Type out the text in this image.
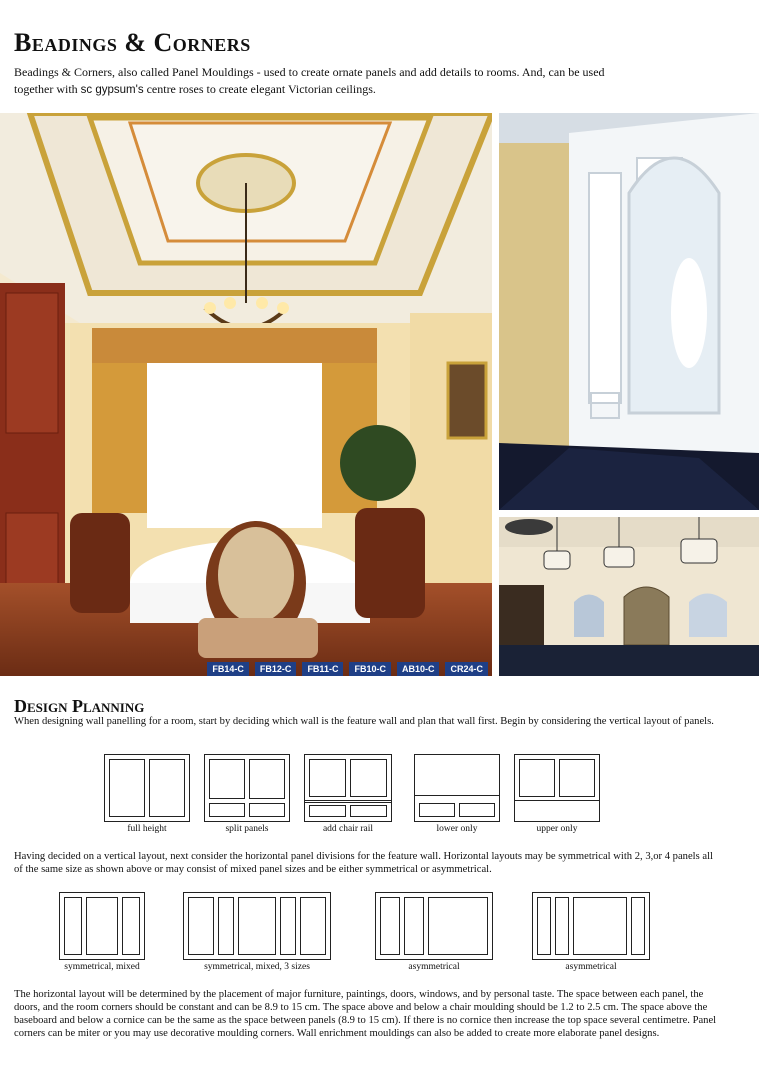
Beadings & Corners
Beadings & Corners, also called Panel Mouldings - used to create ornate panels and add details to rooms. And, can be used
together with sc gypsum's centre roses to create elegant Victorian ceilings.
FB14-C	FB12-C	FB11-C	FB10-C	AB10-C	CR24-C
Design Planning
When designing wall panelling for a room, start by deciding which wall is the feature wall and plan that wall first. Begin by considering the vertical layout of panels.
full height	split panels	add chair rail	lower only	upper only
Having decided on a vertical layout, next consider the horizontal panel divisions for the feature wall. Horizontal layouts may be symmetrical with 2, 3,or 4 panels all of the same size as shown above or may consist of mixed panel sizes and be either symmetrical or asymmetrical.
symmetrical, mixed	symmetrical, mixed, 3 sizes	asymmetrical	asymmetrical
The horizontal layout will be determined by the placement of major furniture, paintings, doors, windows, and by personal taste. The space between each panel, the doors, and the room corners should be constant and can be 8.9 to 15 cm. The space above and below a chair moulding should be 1.2 to 2.5 cm. The space above the baseboard and below a cornice can be the same as the space between panels (8.9 to 15 cm). If there is no cornice then increase the top space several centimetre. Panel corners can be miter or you may use decorative moulding corners. Wall enrichment mouldings can also be added to create more elaborate panel designs.
